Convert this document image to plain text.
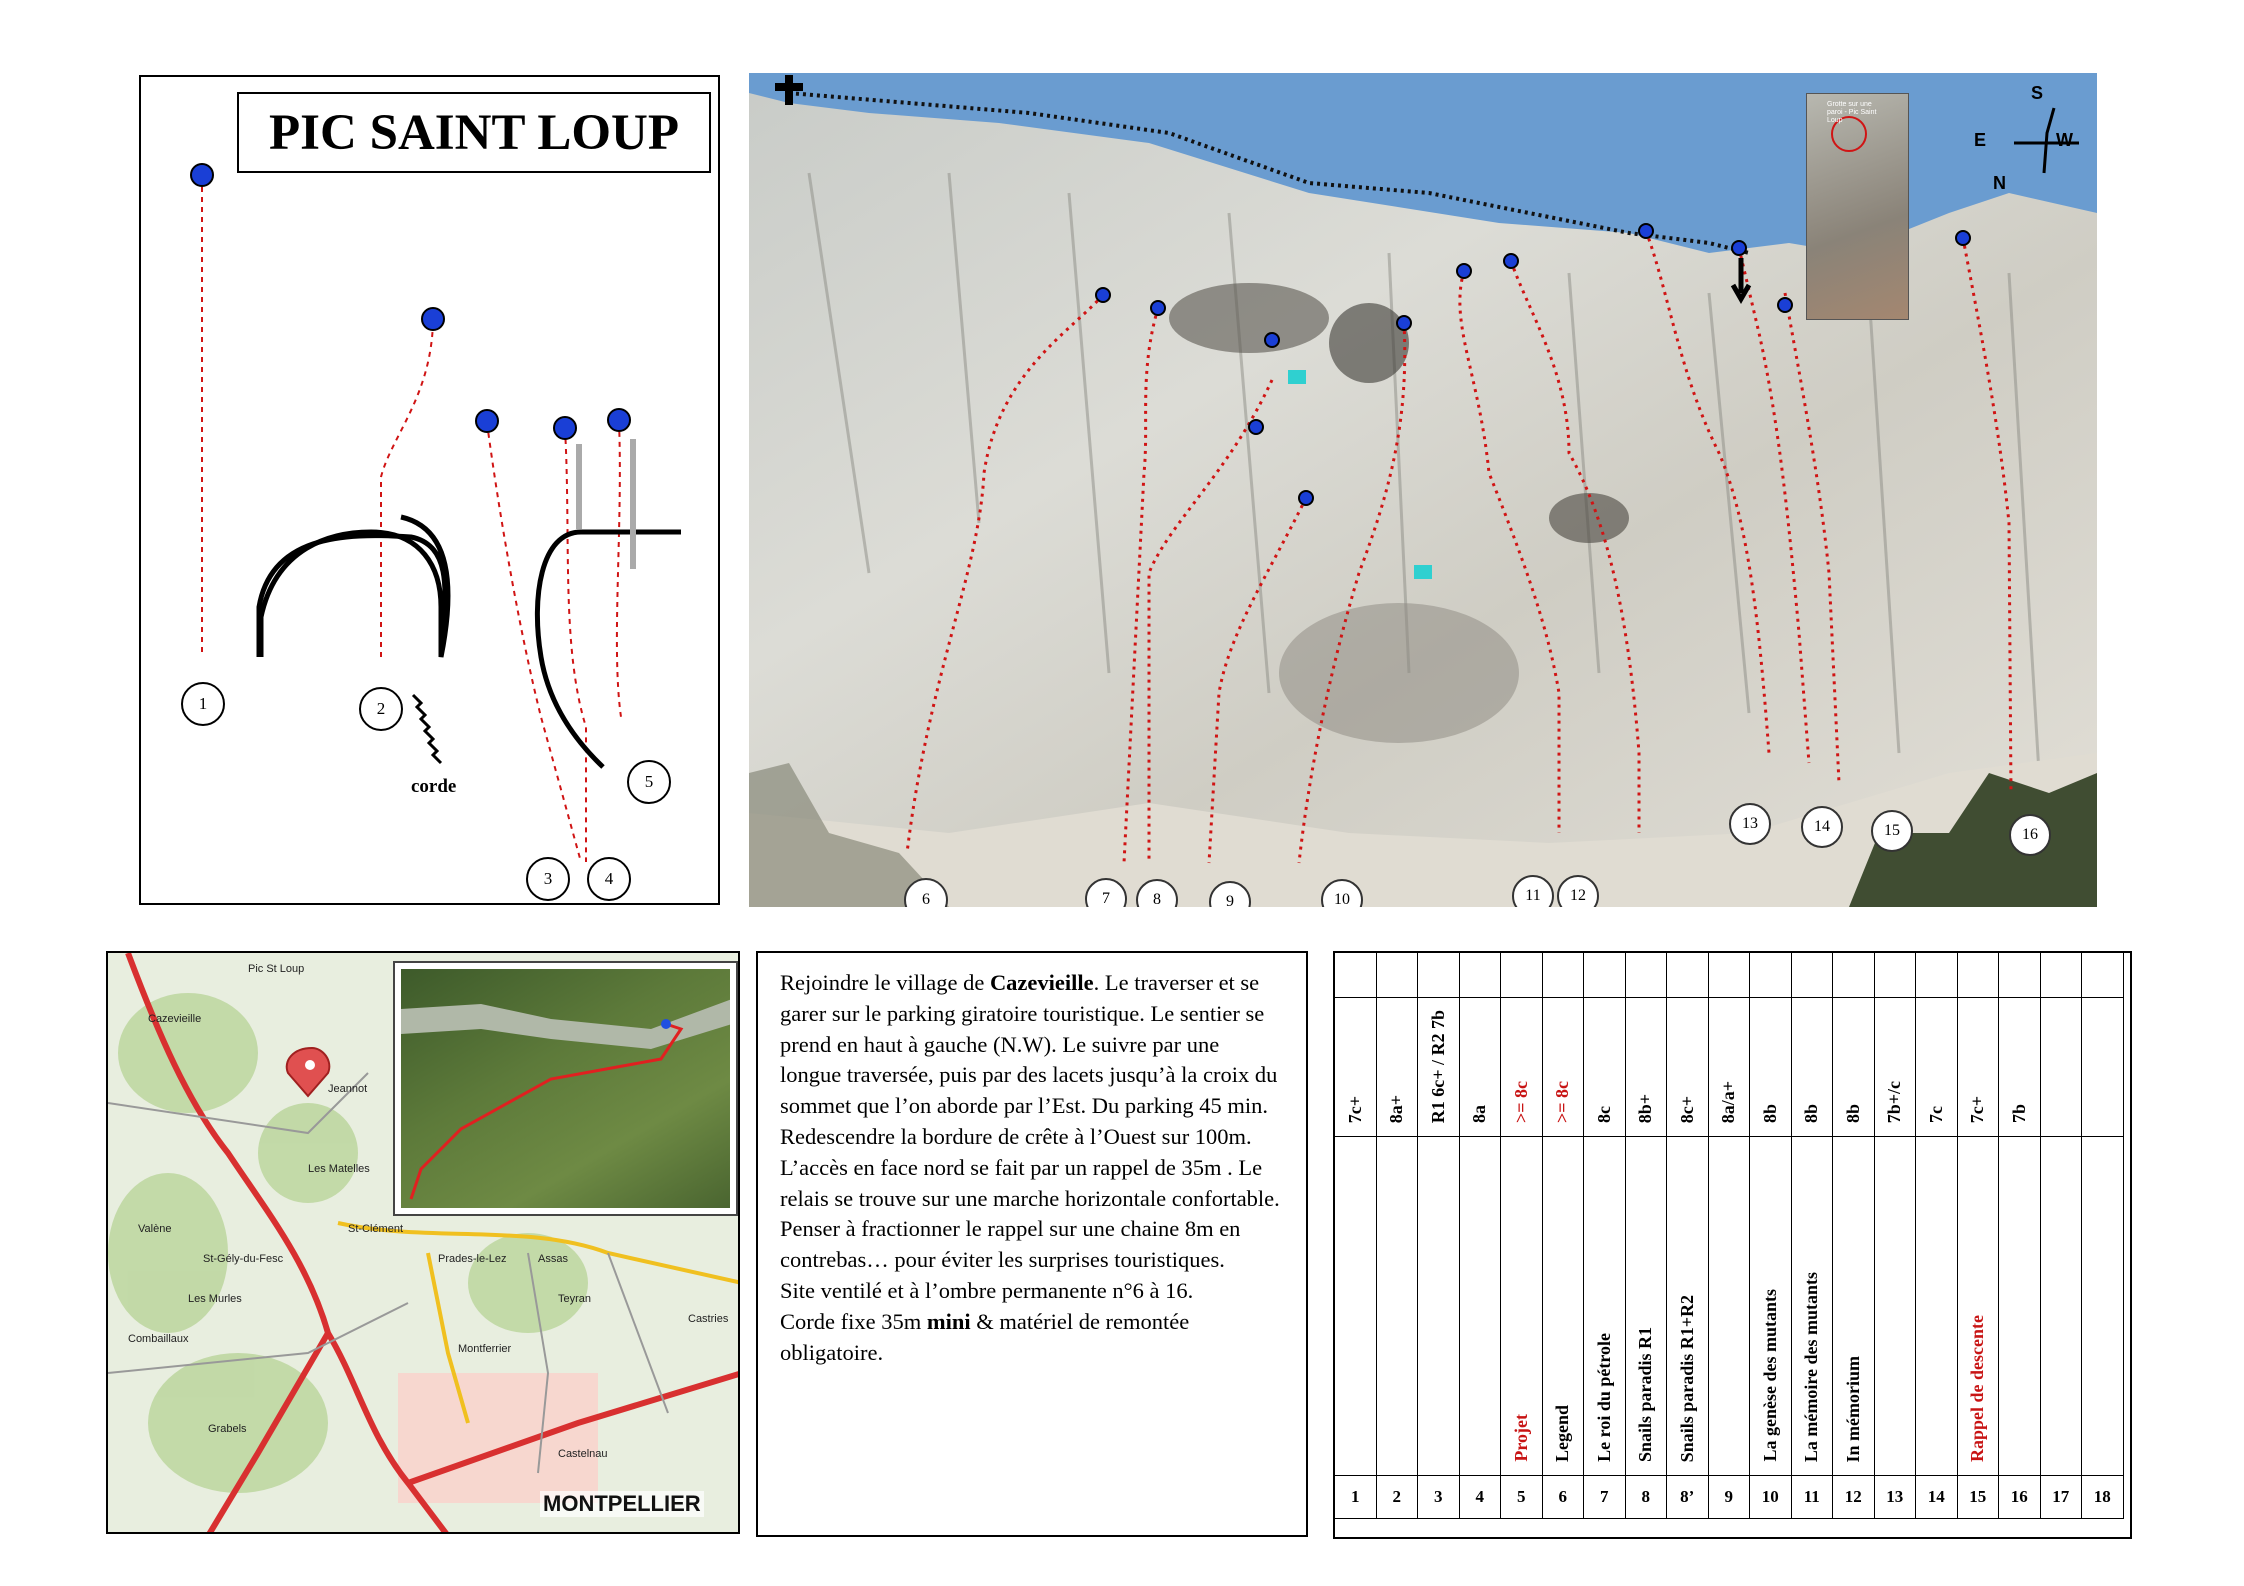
PIC SAINT LOUP
1	2
3	4
5
corde
Grotte sur une paroi - Pic Saint Loup
S
E	W
N
6	7	8	9	10	11	12
13	14	15	16
Cazevieille
Pic St Loup
Les Matelles
St-Gély-du-Fesc	Prades-le-Lez	Assas
Teyran
Montferrier
Castries
Grabels
Castelnau
St-Clément
Les Murles
Jeannot
Valène
Combaillaux
MONTPELLIER

Rejoindre le village de Cazevieille. Le traverser et se garer sur le parking giratoire touristique. Le sentier se prend en haut à gauche (N.W). Le suivre par une longue traversée, puis par des lacets jusqu’à la croix du sommet que l’on aborde par l’Est. Du parking 45 min.

Redescendre la bordure de crête à l’Ouest sur 100m. L’accès en face nord se fait par un rappel de 35m . Le relais se trouve sur une marche horizontale confortable. Penser à fractionner le rappel sur une chaine 8m en contrebas… pour éviter les surprises touristiques.

Site ventilé et à l’ombre permanente n°6 à 16.

Corde fixe 35m mini & matériel de remontée obligatoire.

7c+	8a+	R1 6c+ / R2 7b	8a	>= 8c	>= 8c	8c	8b+	8c+	8a/a+	8b	8b	8b	7b+/c	7c	7c+	7b		
				Projet	Legend	Le roi du pétrole	Snails paradis R1	Snails paradis R1+R2		La genèse des mutants	La mémoire des mutants	In mémorium			Rappel de descente			
1	2	3	4	5	6	7	8	8’	9	10	11	12	13	14	15	16	17	18
